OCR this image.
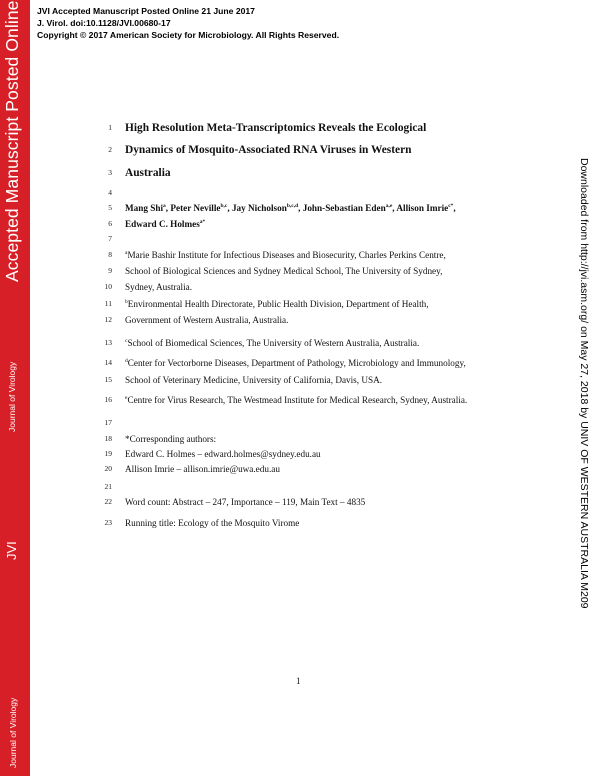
Accepted Manuscript Posted Online
Journal of Virology
JVI
Journal of Virology
JVI Accepted Manuscript Posted Online 21 June 2017
J. Virol. doi:10.1128/JVI.00680-17
Copyright © 2017 American Society for Microbiology. All Rights Reserved.
Downloaded from http://jvi.asm.org/ on May 27, 2018 by UNIV OF WESTERN AUSTRALIA M209
1 High Resolution Meta-Transcriptomics Reveals the Ecological
2 Dynamics of Mosquito-Associated RNA Viruses in Western
3 Australia
4
5 Mang Shi$^a$, Peter Neville$^{b,c}$, Jay Nicholson$^{b,c,d}$, John-Sebastian Eden$^{a,e}$, Allison Imrie$^{c*}$,
6 Edward C. Holmes$^{a*}$
7
8 $^a$Marie Bashir Institute for Infectious Diseases and Biosecurity, Charles Perkins Centre,
9 School of Biological Sciences and Sydney Medical School, The University of Sydney,
10 Sydney, Australia.
11 $^b$Environmental Health Directorate, Public Health Division, Department of Health,
12 Government of Western Australia, Australia.
13 $^c$School of Biomedical Sciences, The University of Western Australia, Australia.
14 $^d$Center for Vectorborne Diseases, Department of Pathology, Microbiology and Immunology,
15 School of Veterinary Medicine, University of California, Davis, USA.
16 $^e$Centre for Virus Research, The Westmead Institute for Medical Research, Sydney, Australia.
17
18 *Corresponding authors:
19 Edward C. Holmes – edward.holmes@sydney.edu.au
20 Allison Imrie – allison.imrie@uwa.edu.au
21
22 Word count: Abstract – 247, Importance – 119, Main Text – 4835
23 Running title: Ecology of the Mosquito Virome
1
